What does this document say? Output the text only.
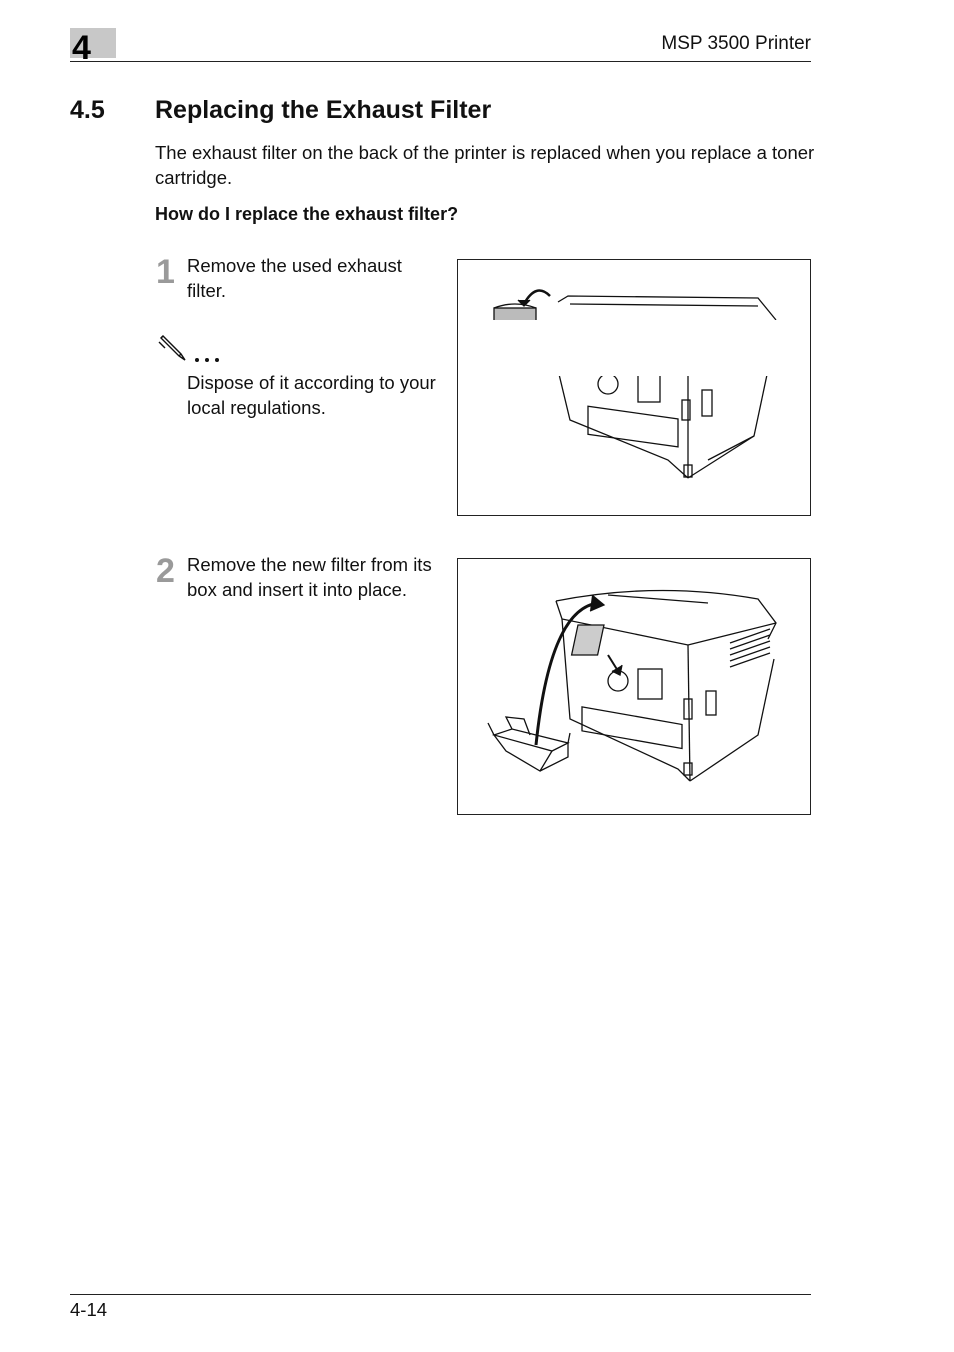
4	MSP 3500 Printer
4.5 Replacing the Exhaust Filter
The exhaust filter on the back of the printer is replaced when you replace a toner cartridge.
How do I replace the exhaust filter?
1 Remove the used exhaust filter.
Dispose of it according to your local regulations.
2 Remove the new filter from its box and insert it into place.
4-14
